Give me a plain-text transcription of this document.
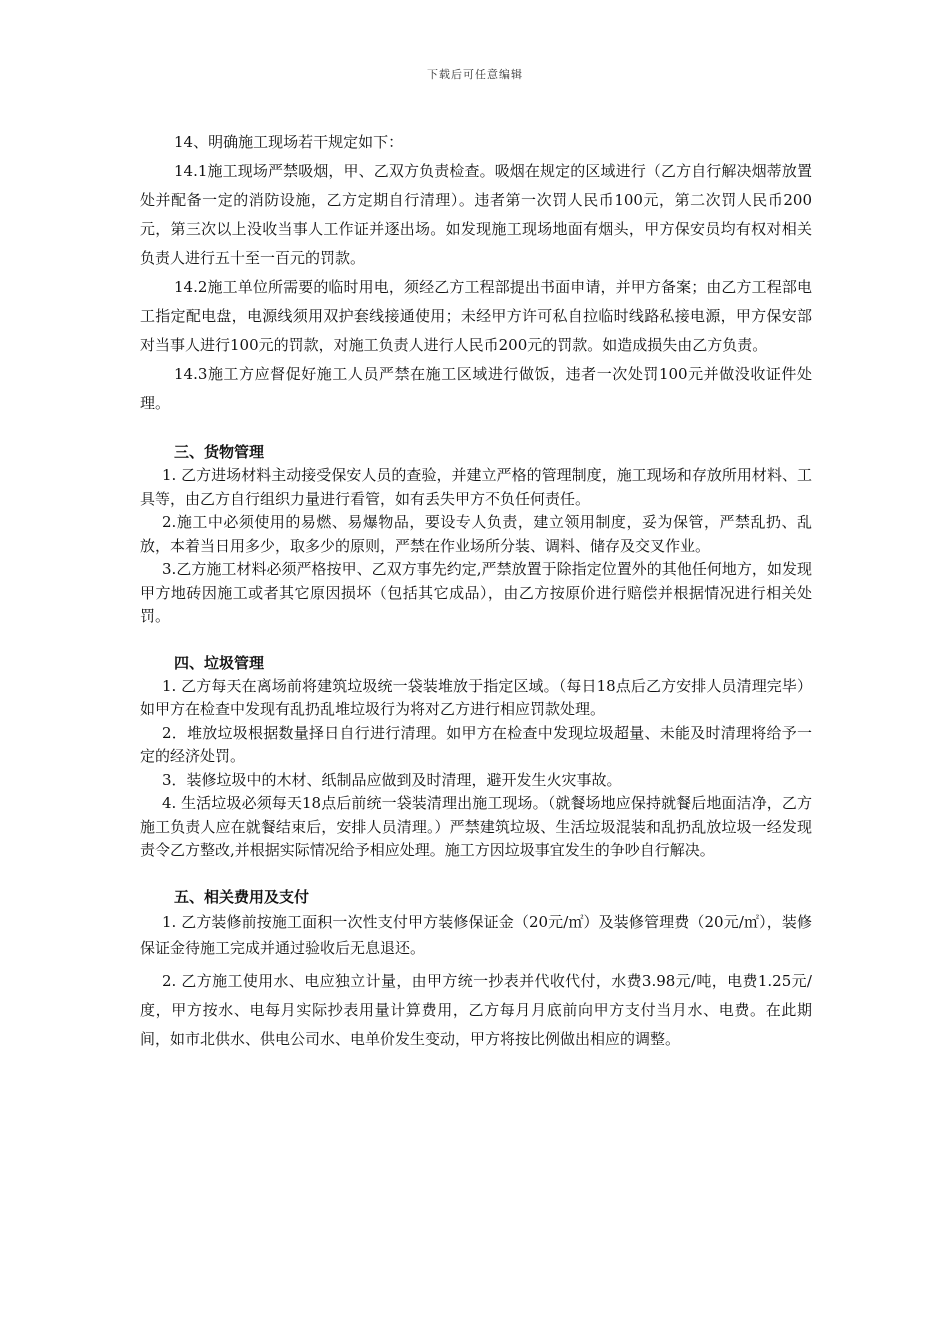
下载后可任意编辑

14、明确施工现场若干规定如下：

14.1施工现场严禁吸烟，甲、乙双方负责检查。吸烟在规定的区域进行（乙方自行解决烟蒂放置处并配备一定的消防设施，乙方定期自行清理）。违者第一次罚人民币100元，第二次罚人民币200元，第三次以上没收当事人工作证并逐出场。如发现施工现场地面有烟头，甲方保安员均有权对相关负责人进行五十至一百元的罚款。

14.2施工单位所需要的临时用电，须经乙方工程部提出书面申请，并甲方备案；由乙方工程部电工指定配电盘，电源线须用双护套线接通使用；未经甲方许可私自拉临时线路私接电源，甲方保安部对当事人进行100元的罚款，对施工负责人进行人民币200元的罚款。如造成损失由乙方负责。

14.3施工方应督促好施工人员严禁在施工区域进行做饭，违者一次处罚100元并做没收证件处理。

三、货物管理

1. 乙方进场材料主动接受保安人员的查验，并建立严格的管理制度，施工现场和存放所用材料、工具等，由乙方自行组织力量进行看管，如有丢失甲方不负任何责任。

2.施工中必须使用的易燃、易爆物品，要设专人负责，建立领用制度，妥为保管，严禁乱扔、乱放，本着当日用多少，取多少的原则，严禁在作业场所分装、调料、储存及交叉作业。

3.乙方施工材料必须严格按甲、乙双方事先约定,严禁放置于除指定位置外的其他任何地方，如发现甲方地砖因施工或者其它原因损坏（包括其它成品），由乙方按原价进行赔偿并根据情况进行相关处罚。

四、垃圾管理

1. 乙方每天在离场前将建筑垃圾统一袋装堆放于指定区域。（每日18点后乙方安排人员清理完毕）如甲方在检查中发现有乱扔乱堆垃圾行为将对乙方进行相应罚款处理。

2．堆放垃圾根据数量择日自行进行清理。如甲方在检查中发现垃圾超量、未能及时清理将给予一定的经济处罚。

3．装修垃圾中的木材、纸制品应做到及时清理，避开发生火灾事故。

4. 生活垃圾必须每天18点后前统一袋装清理出施工现场。（就餐场地应保持就餐后地面洁净，乙方施工负责人应在就餐结束后，安排人员清理。）严禁建筑垃圾、生活垃圾混装和乱扔乱放垃圾一经发现责令乙方整改,并根据实际情况给予相应处理。施工方因垃圾事宜发生的争吵自行解决。

五、相关费用及支付

1. 乙方装修前按施工面积一次性支付甲方装修保证金（20元/㎡）及装修管理费（20元/㎡），装修保证金待施工完成并通过验收后无息退还。

2. 乙方施工使用水、电应独立计量，由甲方统一抄表并代收代付，水费3.98元/吨，电费1.25元/度，甲方按水、电每月实际抄表用量计算费用，乙方每月月底前向甲方支付当月水、电费。在此期间，如市北供水、供电公司水、电单价发生变动，甲方将按比例做出相应的调整。
